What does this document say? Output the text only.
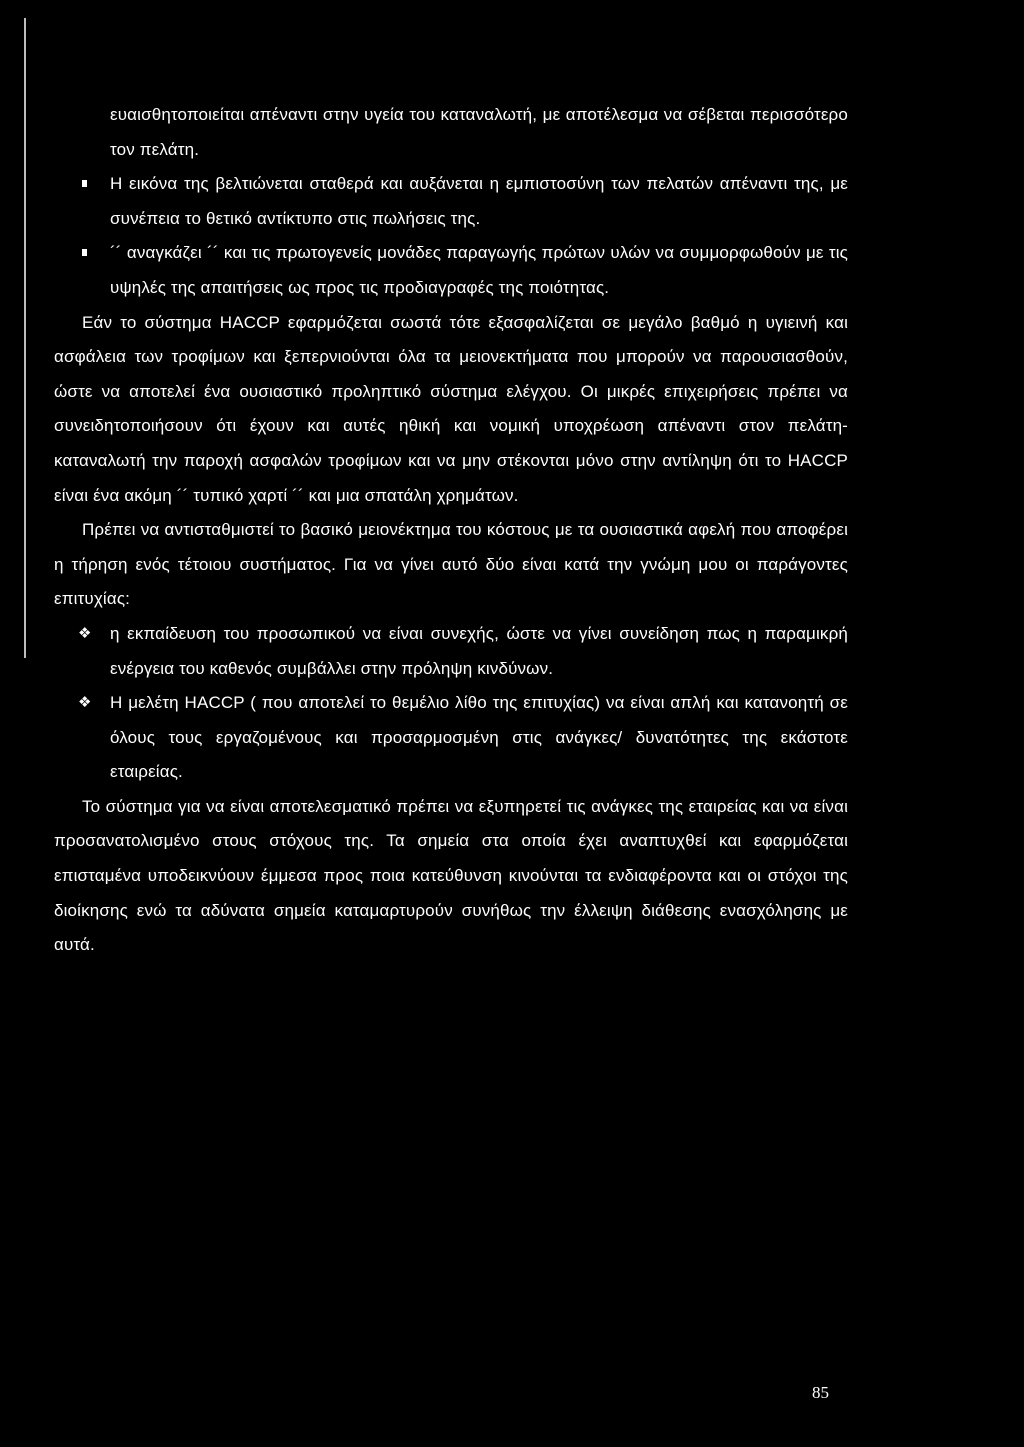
ευαισθητοποιείται απέναντι στην υγεία του καταναλωτή, με αποτέλεσμα να σέβεται περισσότερο τον πελάτη.
Η εικόνα της βελτιώνεται σταθερά και αυξάνεται η εμπιστοσύνη των πελατών απέναντι της, με συνέπεια το θετικό αντίκτυπο στις πωλήσεις της.
´´ αναγκάζει ´´ και τις πρωτογενείς μονάδες παραγωγής πρώτων υλών να συμμορφωθούν με τις υψηλές της απαιτήσεις ως προς τις προδιαγραφές της ποιότητας.

Εάν το σύστημα HACCP εφαρμόζεται σωστά τότε εξασφαλίζεται σε μεγάλο βαθμό η υγιεινή και ασφάλεια των τροφίμων και ξεπερνιούνται όλα τα μειονεκτήματα που μπορούν να παρουσιασθούν, ώστε να αποτελεί ένα ουσιαστικό προληπτικό σύστημα ελέγχου. Οι μικρές επιχειρήσεις πρέπει να συνειδητοποιήσουν ότι έχουν και αυτές ηθική και νομική υποχρέωση απέναντι στον πελάτη- καταναλωτή την παροχή ασφαλών τροφίμων και να μην στέκονται μόνο στην αντίληψη ότι το HACCP είναι ένα ακόμη ´´ τυπικό χαρτί ´´ και μια σπατάλη χρημάτων.

Πρέπει να αντισταθμιστεί το βασικό μειονέκτημα του κόστους με τα ουσιαστικά αφελή που αποφέρει η τήρηση ενός τέτοιου συστήματος. Για να γίνει αυτό δύο είναι κατά την γνώμη μου οι παράγοντες επιτυχίας:

❖ η εκπαίδευση του προσωπικού να είναι συνεχής, ώστε να γίνει συνείδηση πως η παραμικρή ενέργεια του καθενός συμβάλλει στην πρόληψη κινδύνων.
❖ Η μελέτη HACCP ( που αποτελεί το θεμέλιο λίθο της επιτυχίας) να είναι απλή και κατανοητή σε όλους τους εργαζομένους και προσαρμοσμένη στις ανάγκες/ δυνατότητες της εκάστοτε εταιρείας.

Το σύστημα για να είναι αποτελεσματικό πρέπει να εξυπηρετεί τις ανάγκες της εταιρείας και να είναι προσανατολισμένο στους στόχους της. Τα σημεία στα οποία έχει αναπτυχθεί και εφαρμόζεται επισταμένα υποδεικνύουν έμμεσα προς ποια κατεύθυνση κινούνται τα ενδιαφέροντα και οι στόχοι της διοίκησης ενώ τα αδύνατα σημεία καταμαρτυρούν συνήθως την έλλειψη διάθεσης ενασχόλησης με αυτά.

85
